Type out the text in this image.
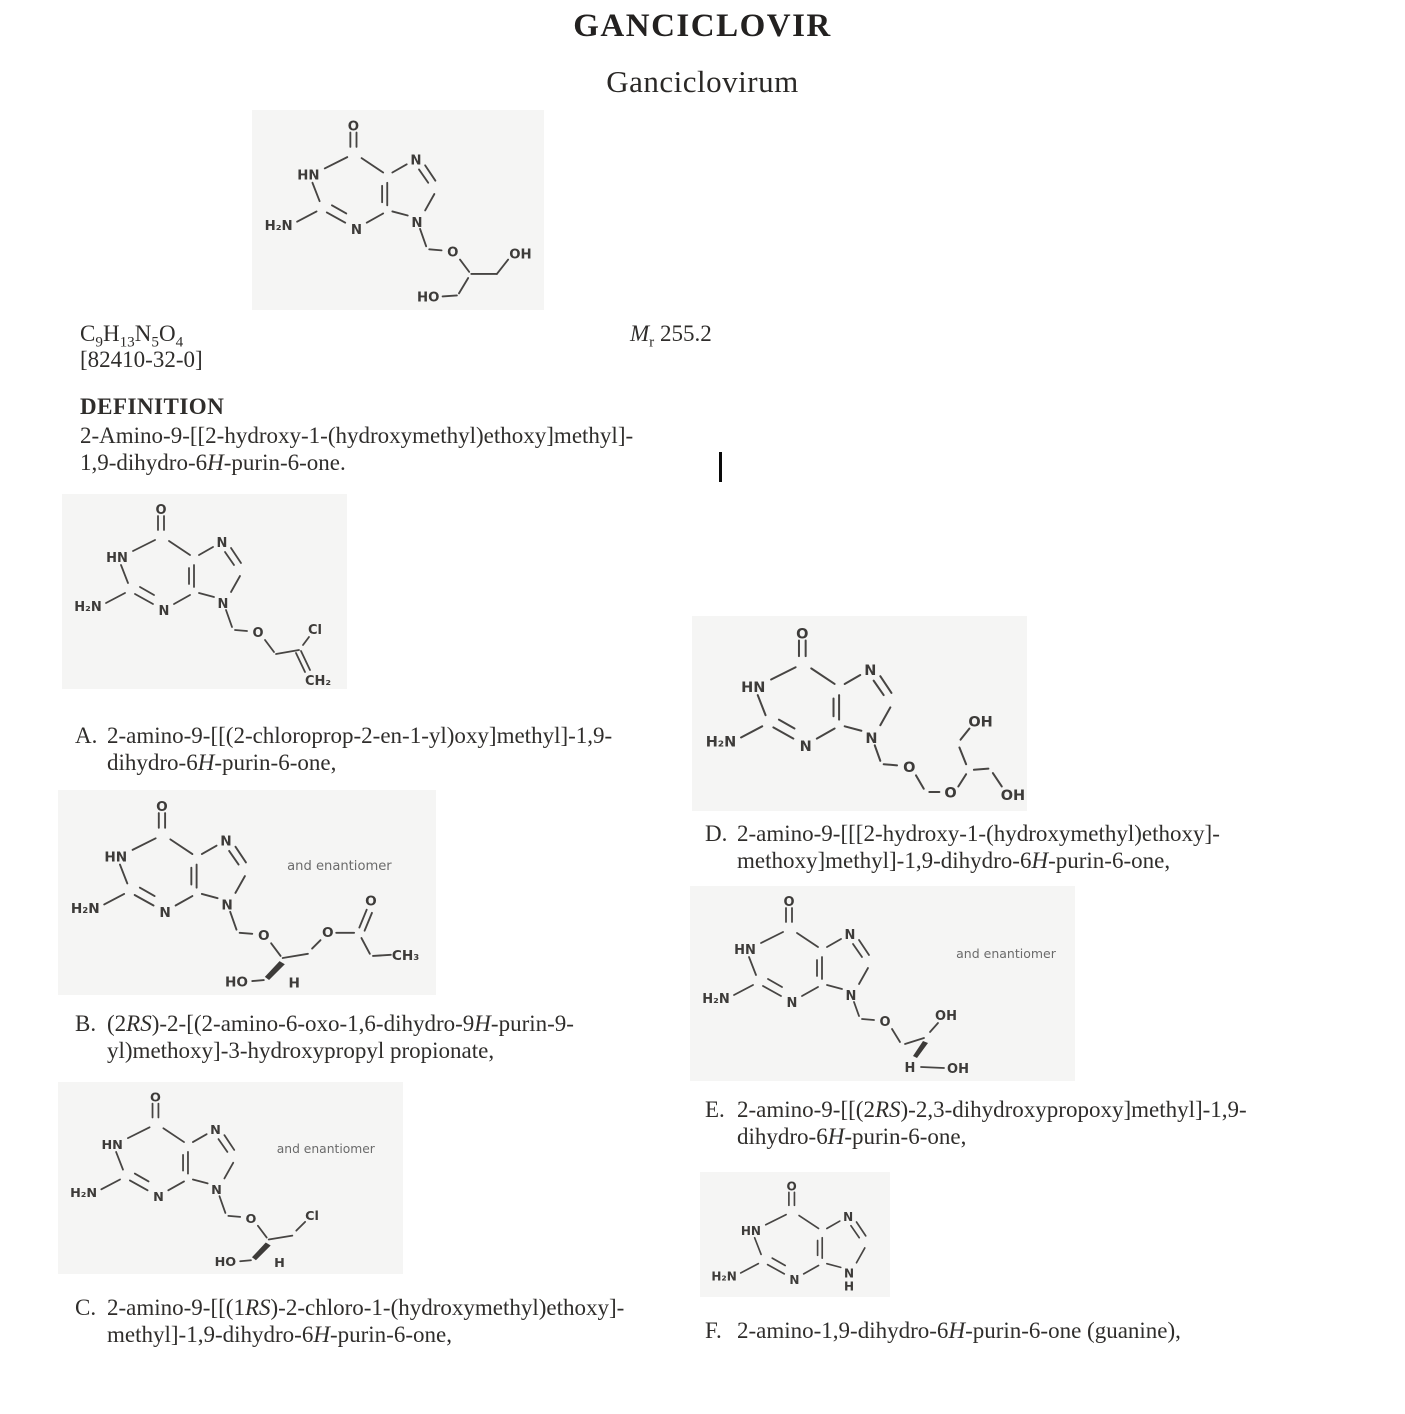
GANCICLOVIR
Ganciclovirum
O
HN
H₂N	N
N
N
O	OH
HO
$C_9H_{13}N_5O_4$	$M_r$ 255.2
[82410-32-0]
DEFINITION
2-Amino-9-[[2-hydroxy-1-(hydroxymethyl)ethoxy]methyl]-
1,9-dihydro-6H-purin-6-one.
O
HN
H₂N	N
N
N
O	Cl
CH₂
O
HN
H₂N	N
N
N
O	O
O
CH₃
HO	H
and enantiomer
O
HN
H₂N	N
N
N
O	Cl
HO	H
and enantiomer
O
HN
H₂N	N
N
N
O
O
OH
OH
O
HN
H₂N	N
N
N
O	OH
H OH
and enantiomer
O
HN
H₂N	N
N
N
H
A. 2-amino-9-[[(2-chloroprop-2-en-1-yl)oxy]methyl]-1,9-
dihydro-6H-purin-6-one,
B. (2RS)-2-[(2-amino-6-oxo-1,6-dihydro-9H-purin-9-
yl)methoxy]-3-hydroxypropyl propionate,
C. 2-amino-9-[[(1RS)-2-chloro-1-(hydroxymethyl)ethoxy]-
methyl]-1,9-dihydro-6H-purin-6-one,
D. 2-amino-9-[[[2-hydroxy-1-(hydroxymethyl)ethoxy]-
methoxy]methyl]-1,9-dihydro-6H-purin-6-one,
E. 2-amino-9-[[(2RS)-2,3-dihydroxypropoxy]methyl]-1,9-
dihydro-6H-purin-6-one,
F. 2-amino-1,9-dihydro-6H-purin-6-one (guanine),
